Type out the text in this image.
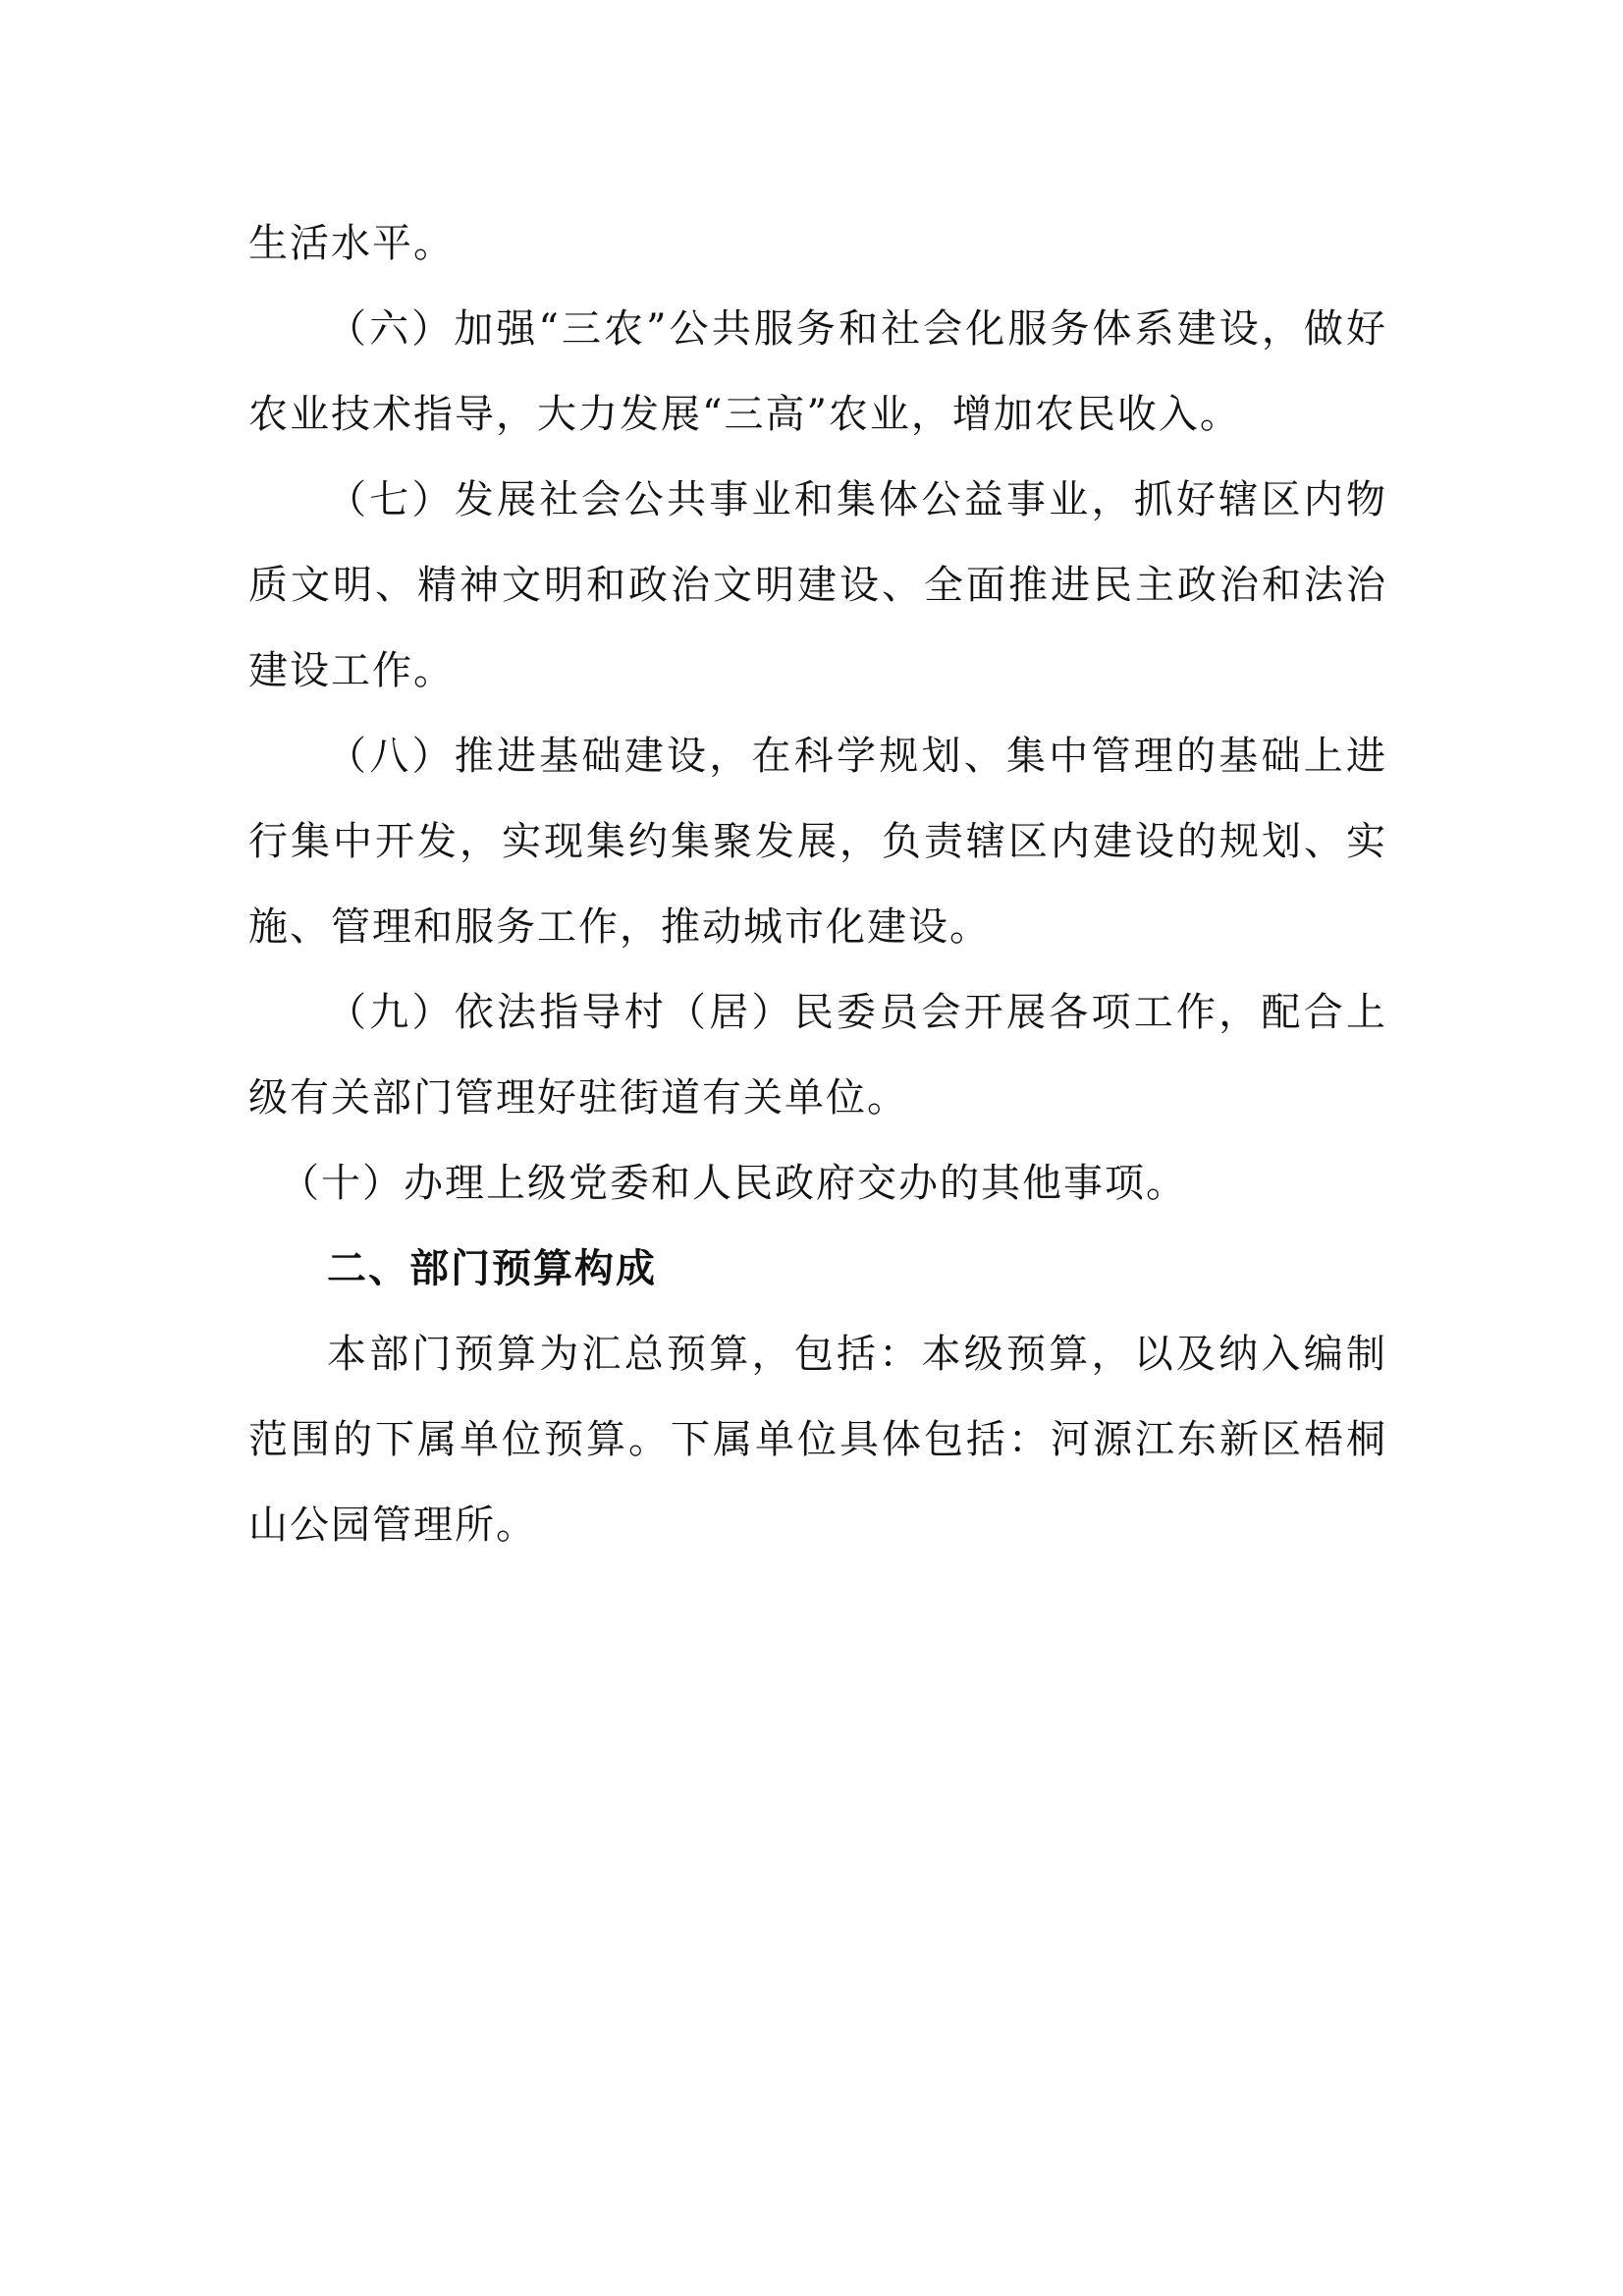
生活水平。

（六）加强“三农”公共服务和社会化服务体系建设，做好农业技术指导，大力发展“三高”农业，增加农民收入。

（七）发展社会公共事业和集体公益事业，抓好辖区内物质文明、精神文明和政治文明建设、全面推进民主政治和法治建设工作。

（八）推进基础建设，在科学规划、集中管理的基础上进行集中开发，实现集约集聚发展，负责辖区内建设的规划、实施、管理和服务工作，推动城市化建设。

（九）依法指导村（居）民委员会开展各项工作，配合上级有关部门管理好驻街道有关单位。

（十）办理上级党委和人民政府交办的其他事项。

二、部门预算构成

本部门预算为汇总预算，包括：本级预算，以及纳入编制范围的下属单位预算。下属单位具体包括：河源江东新区梧桐山公园管理所。
